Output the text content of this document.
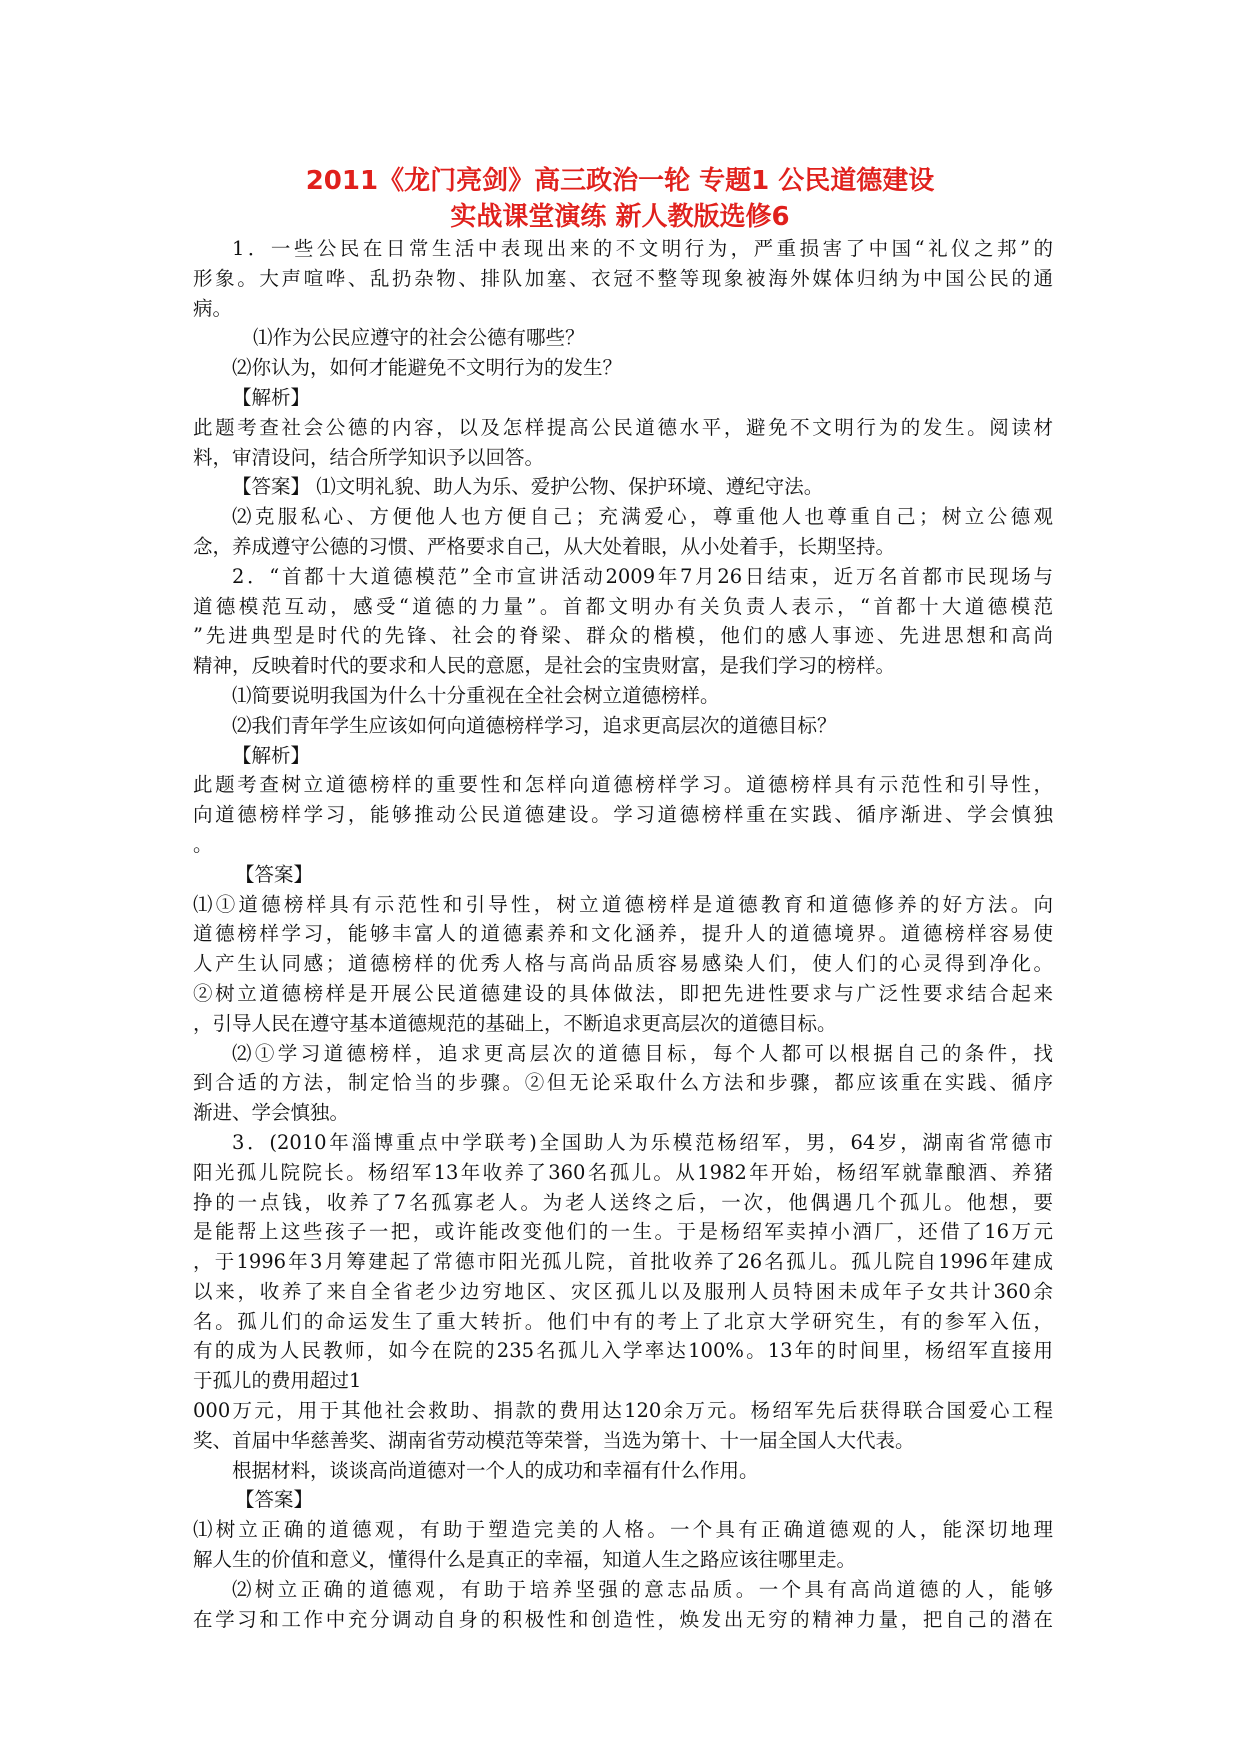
2011《龙门亮剑》高三政治一轮 专题1 公民道德建设
实战课堂演练 新人教版选修6
1．一些公民在日常生活中表现出来的不文明行为，严重损害了中国“礼仪之邦”的
形象。大声喧哗、乱扔杂物、排队加塞、衣冠不整等现象被海外媒体归纳为中国公民的通
病。
⑴作为公民应遵守的社会公德有哪些？
⑵你认为，如何才能避免不文明行为的发生？
【解析】
此题考查社会公德的内容，以及怎样提高公民道德水平，避免不文明行为的发生。阅读材
料，审清设问，结合所学知识予以回答。
【答案】 ⑴文明礼貌、助人为乐、爱护公物、保护环境、遵纪守法。
⑵克服私心、方便他人也方便自己；充满爱心，尊重他人也尊重自己；树立公德观
念，养成遵守公德的习惯、严格要求自己，从大处着眼，从小处着手，长期坚持。
2．“首都十大道德模范”全市宣讲活动2009年7月26日结束，近万名首都市民现场与
道德模范互动，感受“道德的力量”。首都文明办有关负责人表示，“首都十大道德模范
”先进典型是时代的先锋、社会的脊梁、群众的楷模，他们的感人事迹、先进思想和高尚
精神，反映着时代的要求和人民的意愿，是社会的宝贵财富，是我们学习的榜样。
⑴简要说明我国为什么十分重视在全社会树立道德榜样。
⑵我们青年学生应该如何向道德榜样学习，追求更高层次的道德目标？
【解析】
此题考查树立道德榜样的重要性和怎样向道德榜样学习。道德榜样具有示范性和引导性，
向道德榜样学习，能够推动公民道德建设。学习道德榜样重在实践、循序渐进、学会慎独
。
【答案】
⑴①道德榜样具有示范性和引导性，树立道德榜样是道德教育和道德修养的好方法。向
道德榜样学习，能够丰富人的道德素养和文化涵养，提升人的道德境界。道德榜样容易使
人产生认同感；道德榜样的优秀人格与高尚品质容易感染人们，使人们的心灵得到净化。
②树立道德榜样是开展公民道德建设的具体做法，即把先进性要求与广泛性要求结合起来
，引导人民在遵守基本道德规范的基础上，不断追求更高层次的道德目标。
⑵①学习道德榜样，追求更高层次的道德目标，每个人都可以根据自己的条件，找
到合适的方法，制定恰当的步骤。②但无论采取什么方法和步骤，都应该重在实践、循序
渐进、学会慎独。
3．(2010年淄博重点中学联考)全国助人为乐模范杨绍军，男，64岁，湖南省常德市
阳光孤儿院院长。杨绍军13年收养了360名孤儿。从1982年开始，杨绍军就靠酿酒、养猪
挣的一点钱，收养了7名孤寡老人。为老人送终之后，一次，他偶遇几个孤儿。他想，要
是能帮上这些孩子一把，或许能改变他们的一生。于是杨绍军卖掉小酒厂，还借了16万元
，于1996年3月筹建起了常德市阳光孤儿院，首批收养了26名孤儿。孤儿院自1996年建成
以来，收养了来自全省老少边穷地区、灾区孤儿以及服刑人员特困未成年子女共计360余
名。孤儿们的命运发生了重大转折。他们中有的考上了北京大学研究生，有的参军入伍，
有的成为人民教师，如今在院的235名孤儿入学率达100%。13年的时间里，杨绍军直接用
于孤儿的费用超过1
000万元，用于其他社会救助、捐款的费用达120余万元。杨绍军先后获得联合国爱心工程
奖、首届中华慈善奖、湖南省劳动模范等荣誉，当选为第十、十一届全国人大代表。
根据材料，谈谈高尚道德对一个人的成功和幸福有什么作用。
【答案】
⑴树立正确的道德观，有助于塑造完美的人格。一个具有正确道德观的人，能深切地理
解人生的价值和意义，懂得什么是真正的幸福，知道人生之路应该往哪里走。
⑵树立正确的道德观，有助于培养坚强的意志品质。一个具有高尚道德的人，能够
在学习和工作中充分调动自身的积极性和创造性，焕发出无穷的精神力量，把自己的潜在
